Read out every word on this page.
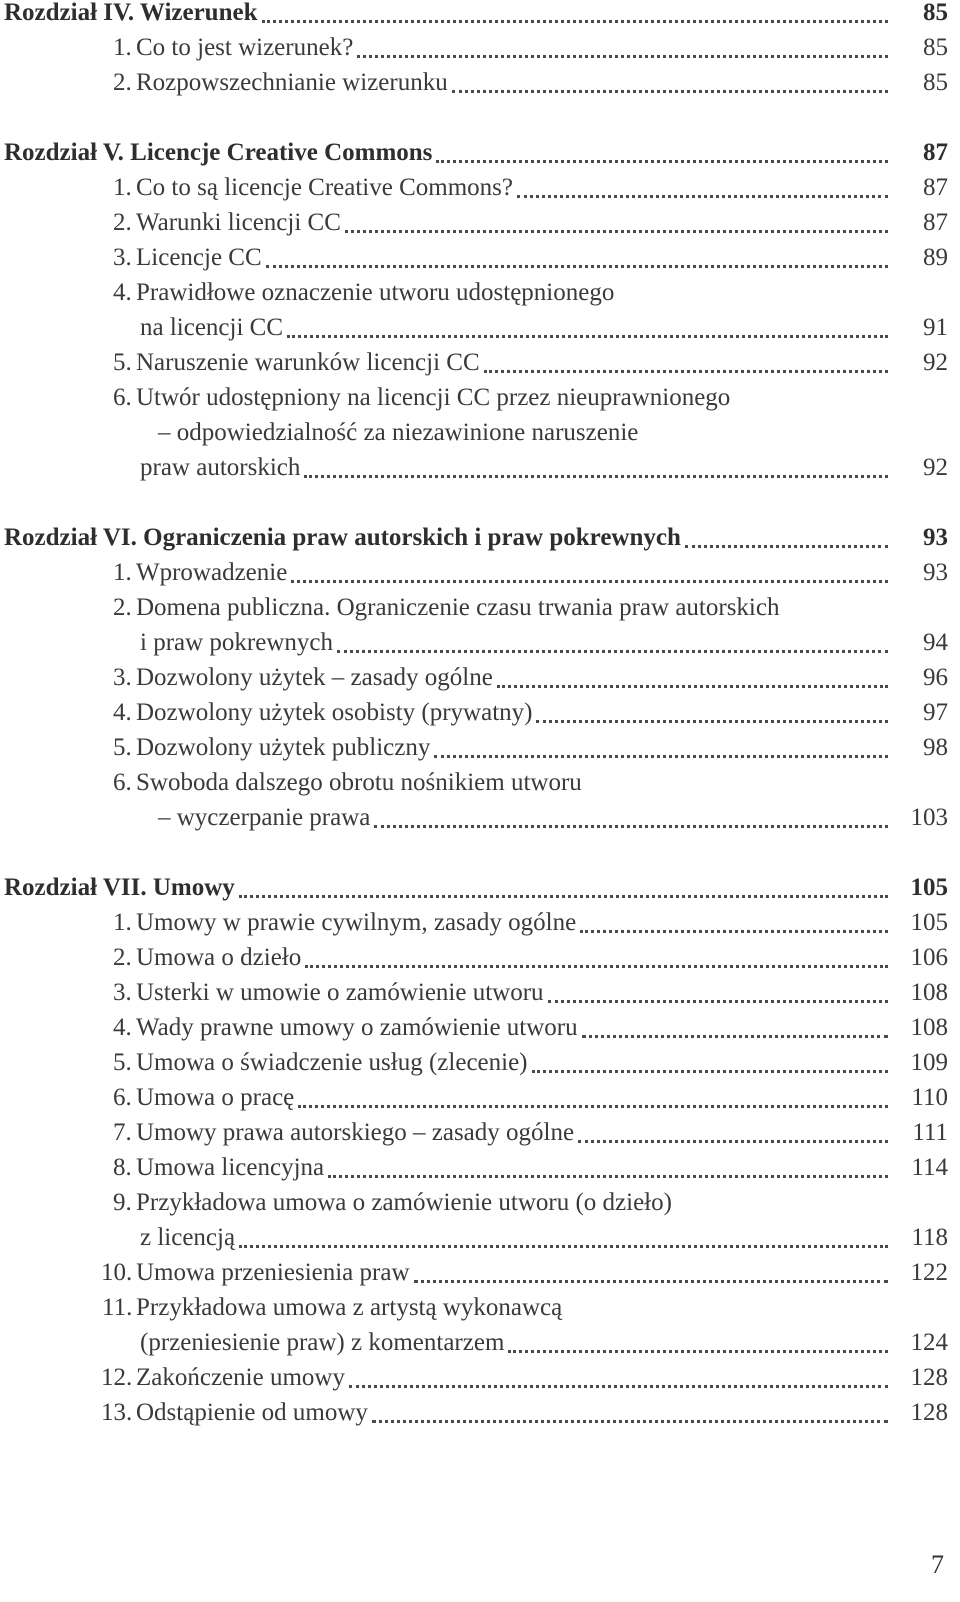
Rozdział IV. Wizerunek	85
1. Co to jest wizerunek?	85
2. Rozpowszechnianie wizerunku	85
Rozdział V. Licencje Creative Commons	87
1. Co to są licencje Creative Commons?	87
2. Warunki licencji CC	87
3. Licencje CC	89
4. Prawidłowe oznaczenie utworu udostępnionego
na licencji CC	91
5. Naruszenie warunków licencji CC	92
6. Utwór udostępniony na licencji CC przez nieuprawnionego
– odpowiedzialność za niezawinione naruszenie
praw autorskich	92
Rozdział VI. Ograniczenia praw autorskich i praw pokrewnych	93
1. Wprowadzenie	93
2. Domena publiczna. Ograniczenie czasu trwania praw autorskich
i praw pokrewnych	94
3. Dozwolony użytek – zasady ogólne	96
4. Dozwolony użytek osobisty (prywatny)	97
5. Dozwolony użytek publiczny	98
6. Swoboda dalszego obrotu nośnikiem utworu
– wyczerpanie prawa	103
Rozdział VII. Umowy	105
1. Umowy w prawie cywilnym, zasady ogólne	105
2. Umowa o dzieło	106
3. Usterki w umowie o zamówienie utworu	108
4. Wady prawne umowy o zamówienie utworu	108
5. Umowa o świadczenie usług (zlecenie)	109
6. Umowa o pracę	110
7. Umowy prawa autorskiego – zasady ogólne	111
8. Umowa licencyjna	114
9. Przykładowa umowa o zamówienie utworu (o dzieło)
z licencją	118
10. Umowa przeniesienia praw	122
11. Przykładowa umowa z artystą wykonawcą
(przeniesienie praw) z komentarzem	124
12. Zakończenie umowy	128
13. Odstąpienie od umowy	128
7
